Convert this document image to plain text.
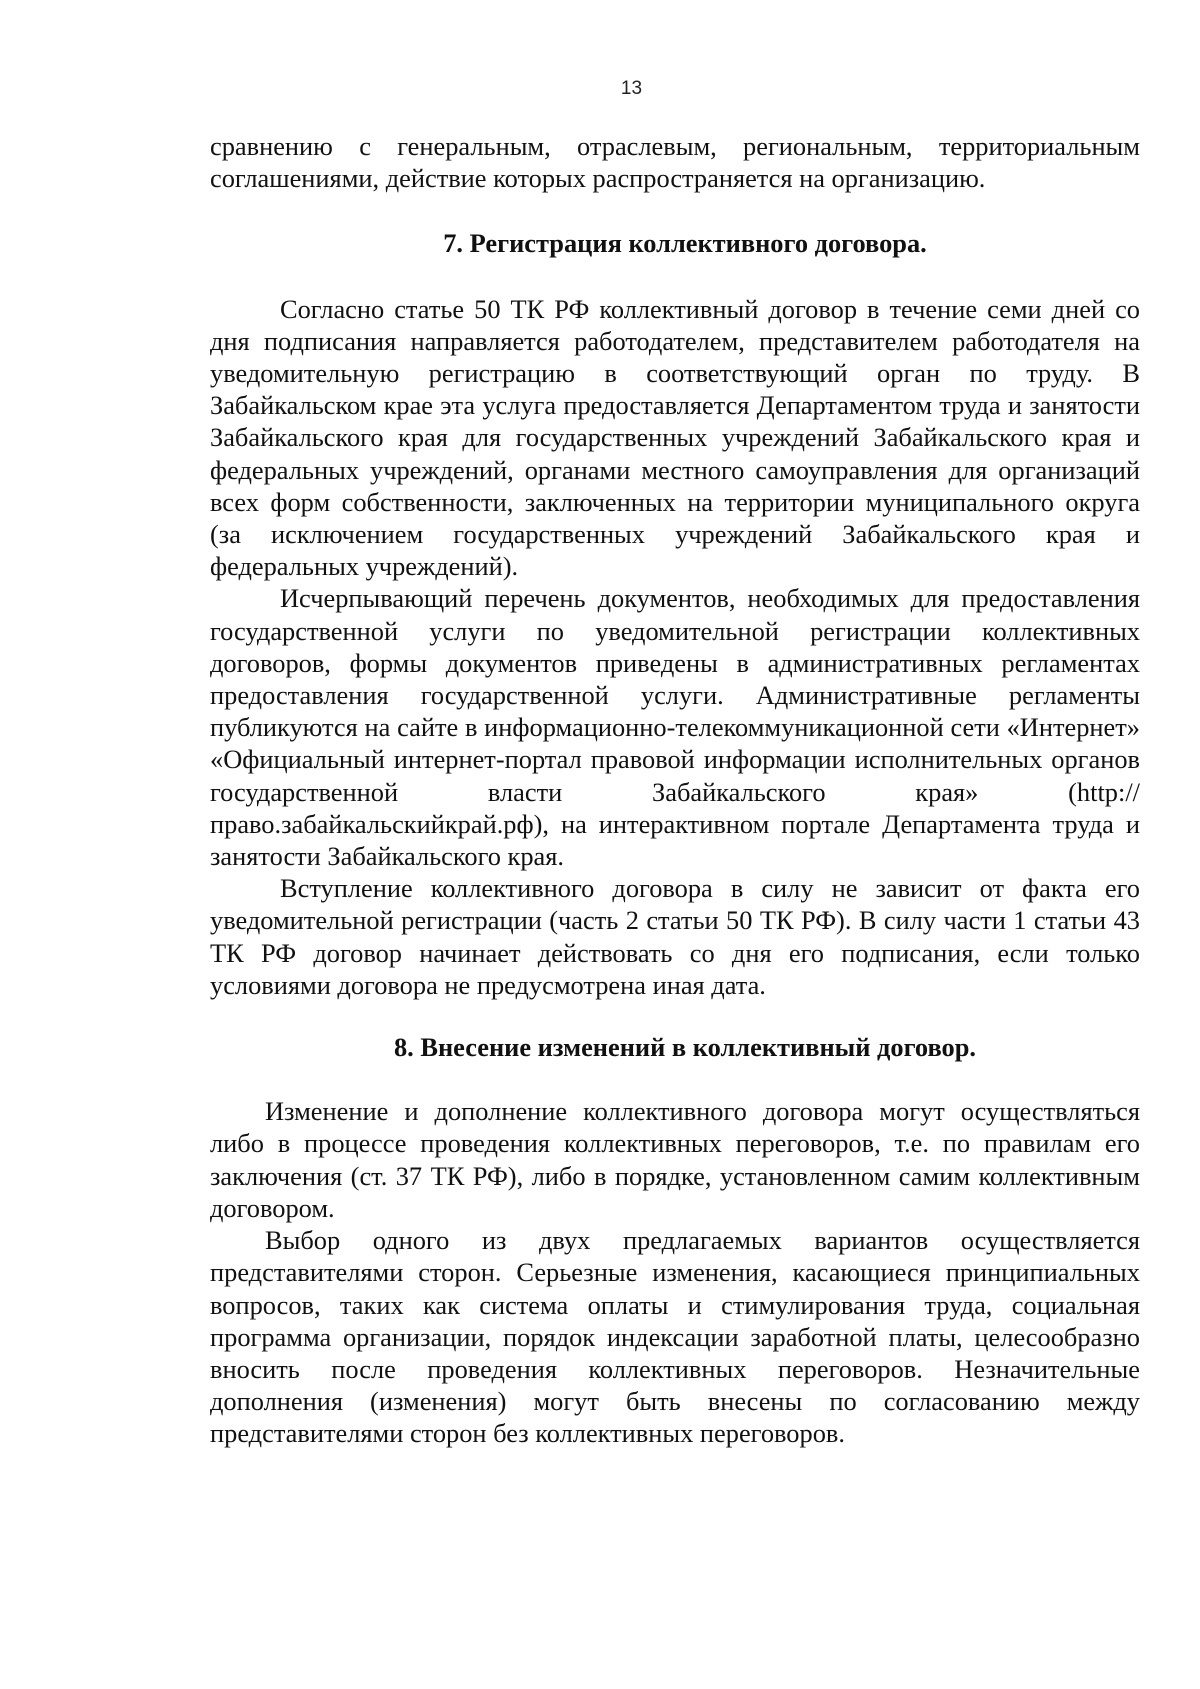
13

сравнению с генеральным, отраслевым, региональным, территориальным соглашениями, действие которых распространяется на организацию.

7. Регистрация коллективного договора.

Согласно статье 50 ТК РФ коллективный договор в течение семи дней со дня подписания направляется работодателем, представителем работодателя на уведомительную регистрацию в соответствующий орган по труду. В Забайкальском крае эта услуга предоставляется Департаментом труда и занятости Забайкальского края для государственных учреждений Забайкальского края и федеральных учреждений, органами местного самоуправления для организаций всех форм собственности, заключенных на территории муниципального округа (за исключением государственных учреждений Забайкальского края и федеральных учреждений).

Исчерпывающий перечень документов, необходимых для предоставления государственной услуги по уведомительной регистрации коллективных договоров, формы документов приведены в административных регламентах предоставления государственной услуги. Административные регламенты публикуются на сайте в информационно-телекоммуникационной сети «Интернет» «Официальный интернет-портал правовой информации исполнительных органов государственной власти Забайкальского края» (http://право.забайкальскийкрай.рф), на интерактивном портале Департамента труда и занятости Забайкальского края.

Вступление коллективного договора в силу не зависит от факта его уведомительной регистрации (часть 2 статьи 50 ТК РФ). В силу части 1 статьи 43 ТК РФ договор начинает действовать со дня его подписания, если только условиями договора не предусмотрена иная дата.

8. Внесение изменений в коллективный договор.

Изменение и дополнение коллективного договора могут осуществляться либо в процессе проведения коллективных переговоров, т.е. по правилам его заключения (ст. 37 ТК РФ), либо в порядке, установленном самим коллективным договором.

Выбор одного из двух предлагаемых вариантов осуществляется представителями сторон. Серьезные изменения, касающиеся принципиальных вопросов, таких как система оплаты и стимулирования труда, социальная программа организации, порядок индексации заработной платы, целесообразно вносить после проведения коллективных переговоров. Незначительные дополнения (изменения) могут быть внесены по согласованию между представителями сторон без коллективных переговоров.
